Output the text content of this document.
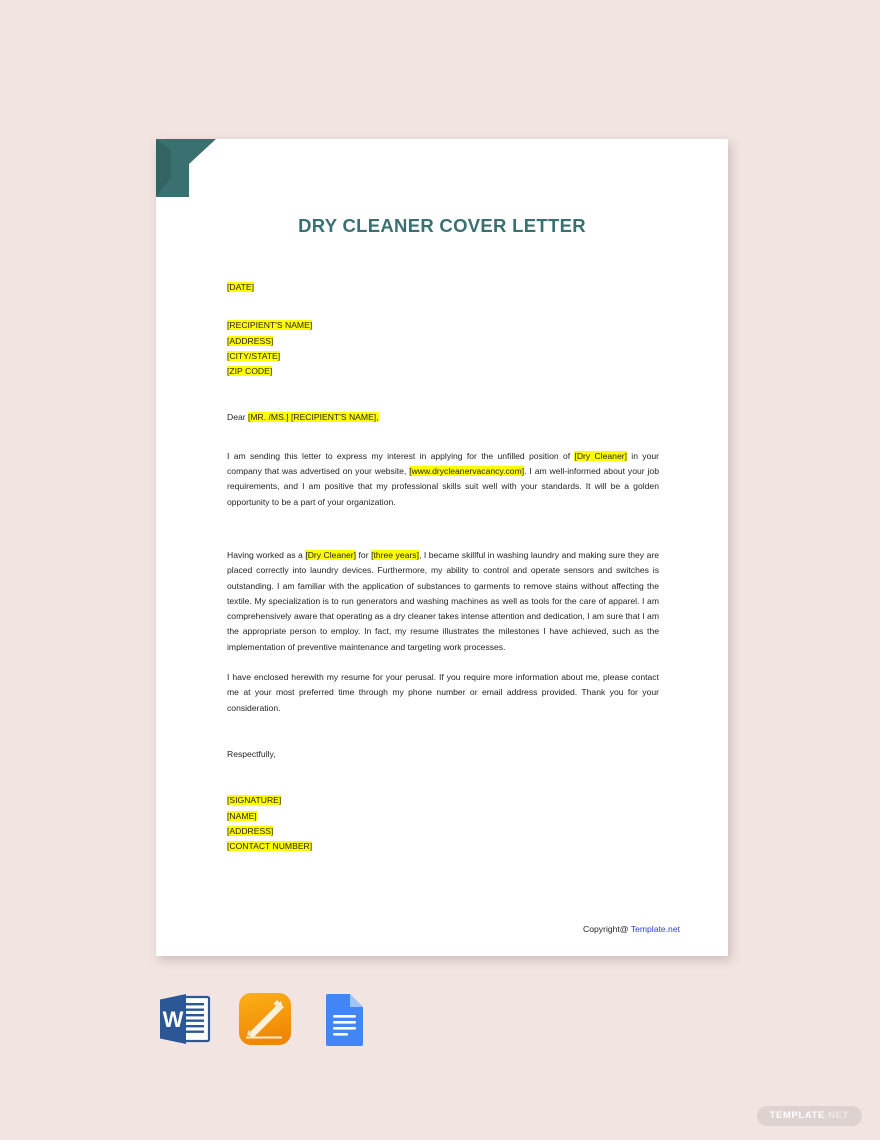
DRY CLEANER COVER LETTER
[DATE]
[RECIPIENT'S NAME]
[ADDRESS]
[CITY/STATE]
[ZIP CODE]
Dear [MR. /MS.] [RECIPIENT'S NAME],

I am sending this letter to express my interest in applying for the unfilled position of [Dry Cleaner] in your company that was advertised on your website, [www.drycleanervacancy.com]. I am well-informed about your job requirements, and I am positive that my professional skills suit well with your standards. It will be a golden opportunity to be a part of your organization.

Having worked as a [Dry Cleaner] for [three years], I became skillful in washing laundry and making sure they are placed correctly into laundry devices. Furthermore, my ability to control and operate sensors and switches is outstanding. I am familiar with the application of substances to garments to remove stains without affecting the textile. My specialization is to run generators and washing machines as well as tools for the care of apparel. I am comprehensively aware that operating as a dry cleaner takes intense attention and dedication, I am sure that I am the appropriate person to employ. In fact, my resume illustrates the milestones I have achieved, such as the implementation of preventive maintenance and targeting work processes.

I have enclosed herewith my resume for your perusal. If you require more information about me, please contact me at your most preferred time through my phone number or email address provided. Thank you for your consideration.

Respectfully,
[SIGNATURE]
[NAME]
[ADDRESS]
[CONTACT NUMBER]
Copyright@ Template.net
W
TEMPLATE.NET
